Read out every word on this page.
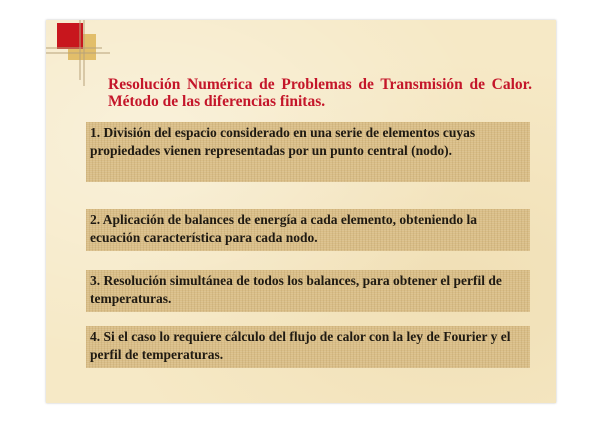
Resolución Numérica de Problemas de Transmisión de Calor. Método de las diferencias finitas.
1. División del espacio considerado en una serie de elementos cuyas propiedades vienen representadas por un punto central (nodo).
2. Aplicación de balances de energía a cada elemento, obteniendo la ecuación característica para cada nodo.
3. Resolución simultánea de todos los balances, para obtener el perfil de temperaturas.
4. Si el caso lo requiere cálculo del flujo de calor con la ley de Fourier y el perfil de temperaturas.
